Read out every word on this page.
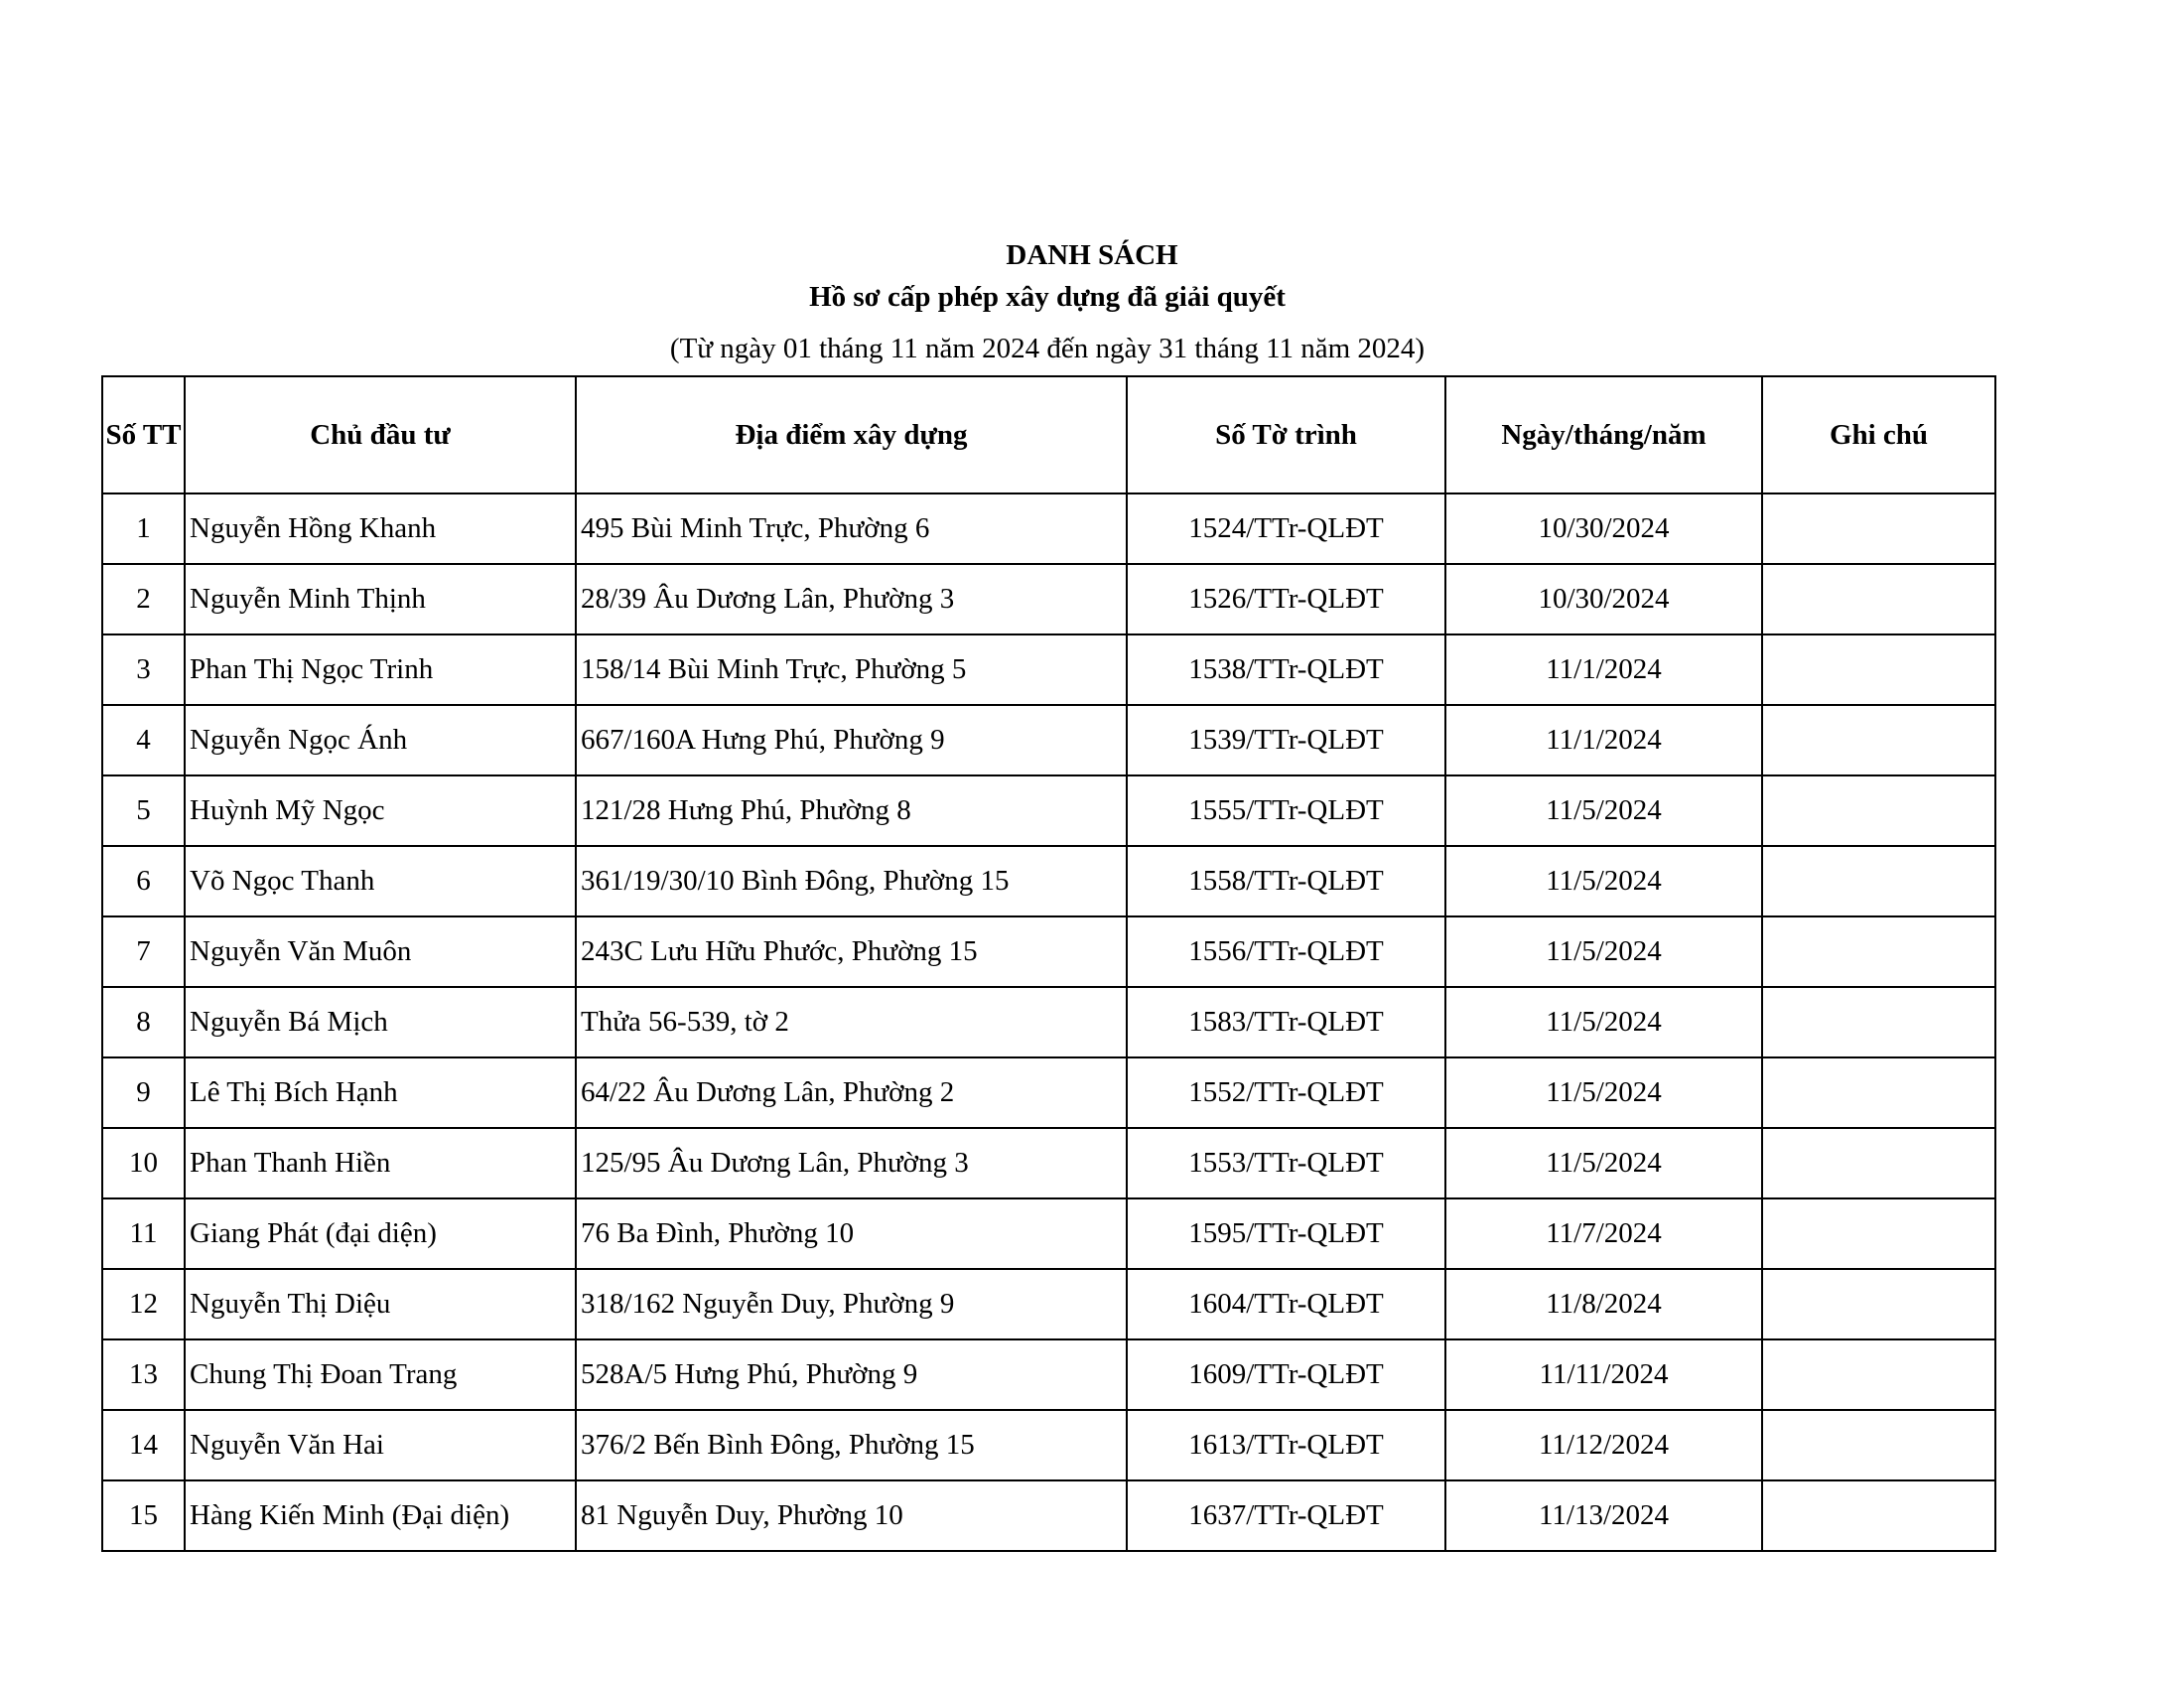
DANH SÁCH
Hồ sơ cấp phép xây dựng đã giải quyết
(Từ ngày 01 tháng 11 năm 2024 đến ngày 31 tháng 11 năm 2024)
Số TT	Chủ đầu tư	Địa điểm xây dựng	Số Tờ trình	Ngày/tháng/năm	Ghi chú
1	Nguyễn Hồng Khanh	495 Bùi Minh Trực, Phường 6	1524/TTr-QLĐT	10/30/2024	
2	Nguyễn Minh Thịnh	28/39 Âu Dương Lân, Phường 3	1526/TTr-QLĐT	10/30/2024	
3	Phan Thị Ngọc Trinh	158/14 Bùi Minh Trực, Phường 5	1538/TTr-QLĐT	11/1/2024	
4	Nguyễn Ngọc Ánh	667/160A Hưng Phú, Phường 9	1539/TTr-QLĐT	11/1/2024	
5	Huỳnh Mỹ Ngọc	121/28 Hưng Phú, Phường 8	1555/TTr-QLĐT	11/5/2024	
6	Võ Ngọc Thanh	361/19/30/10 Bình Đông, Phường 15	1558/TTr-QLĐT	11/5/2024	
7	Nguyễn Văn Muôn	243C Lưu Hữu Phước, Phường 15	1556/TTr-QLĐT	11/5/2024	
8	Nguyễn Bá Mịch	Thửa 56-539, tờ 2	1583/TTr-QLĐT	11/5/2024	
9	Lê Thị Bích Hạnh	64/22 Âu Dương Lân, Phường 2	1552/TTr-QLĐT	11/5/2024	
10	Phan Thanh Hiền	125/95 Âu Dương Lân, Phường 3	1553/TTr-QLĐT	11/5/2024	
11	Giang Phát (đại diện)	76 Ba Đình, Phường 10	1595/TTr-QLĐT	11/7/2024	
12	Nguyễn Thị Diệu	318/162 Nguyễn Duy, Phường 9	1604/TTr-QLĐT	11/8/2024	
13	Chung Thị Đoan Trang	528A/5 Hưng Phú, Phường 9	1609/TTr-QLĐT	11/11/2024	
14	Nguyễn Văn Hai	376/2 Bến Bình Đông, Phường 15	1613/TTr-QLĐT	11/12/2024	
15	Hàng Kiến Minh (Đại diện)	81 Nguyễn Duy, Phường 10	1637/TTr-QLĐT	11/13/2024	
